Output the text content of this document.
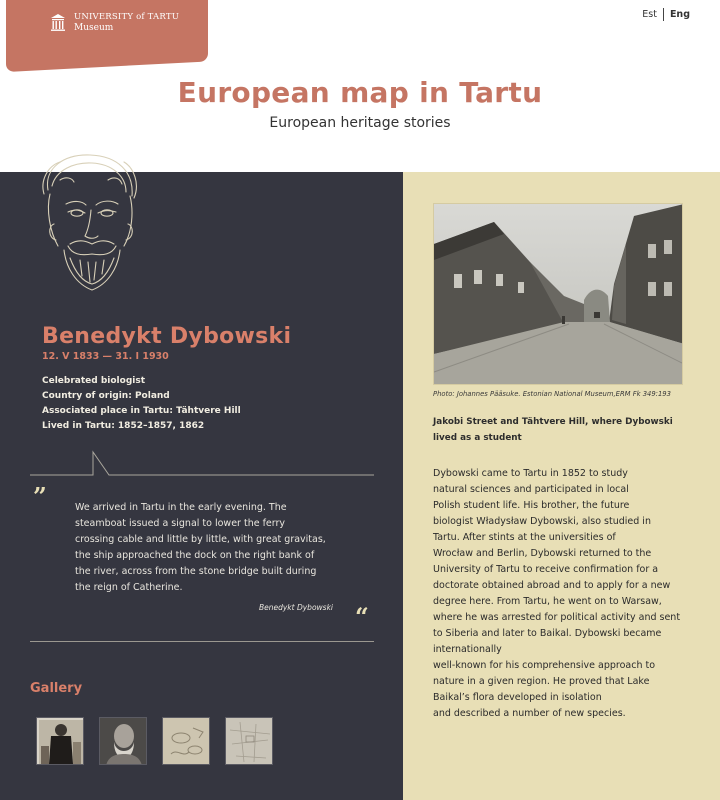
UNIVERSITY of TARTU
Museum
Est Eng
European map in Tartu
European heritage stories
Benedykt Dybowski
12. V 1833 — 31. I 1930
Celebrated biologist
Country of origin: Poland
Associated place in Tartu: Tähtvere Hill
Lived in Tartu: 1852–1857, 1862
”	We arrived in Tartu in the early evening. The
steamboat issued a signal to lower the ferry
crossing cable and little by little, with great gravitas,
the ship approached the dock on the right bank of
the river, across from the stone bridge built during
the reign of Catherine.
Benedykt Dybowski “
Gallery
Photo: Johannes Pääsuke. Estonian National Museum,ERM Fk 349:193
Jakobi Street and Tähtvere Hill, where Dybowski
lived as a student
Dybowski came to Tartu in 1852 to study
natural sciences and participated in local
Polish student life. His brother, the future
biologist Władysław Dybowski, also studied in
Tartu. After stints at the universities of
Wrocław and Berlin, Dybowski returned to the
University of Tartu to receive confirmation for a
doctorate obtained abroad and to apply for a new
degree here. From Tartu, he went on to Warsaw,
where he was arrested for political activity and sent
to Siberia and later to Baikal. Dybowski became
internationally
well-known for his comprehensive approach to
nature in a given region. He proved that Lake
Baikal’s flora developed in isolation
and described a number of new species.
